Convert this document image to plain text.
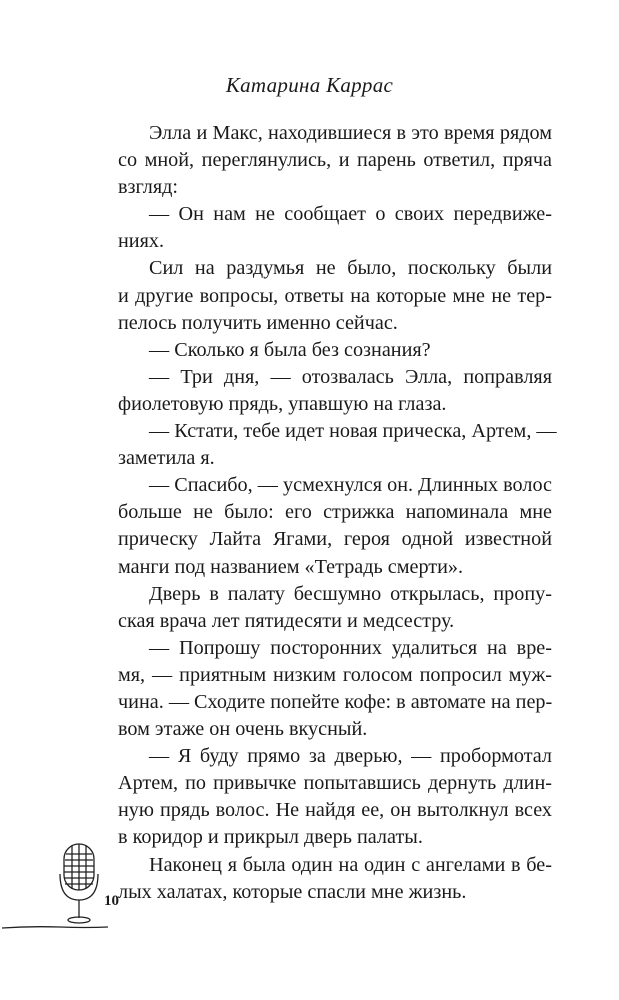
Катарина Каррас
Элла и Макс, находившиеся в это время рядом
со мной, переглянулись, и парень ответил, пряча
взгляд:
— Он нам не сообщает о своих передвиже-
ниях.
Сил на раздумья не было, поскольку были
и другие вопросы, ответы на которые мне не тер-
пелось получить именно сейчас.
— Сколько я была без сознания?
— Три дня, — отозвалась Элла, поправляя
фиолетовую прядь, упавшую на глаза.
— Кстати, тебе идет новая прическа, Артем, —
заметила я.
— Спасибо, — усмехнулся он. Длинных волос
больше не было: его стрижка напоминала мне
прическу Лайта Ягами, героя одной известной
манги под названием «Тетрадь смерти».
Дверь в палату бесшумно открылась, пропу-
ская врача лет пятидесяти и медсестру.
— Попрошу посторонних удалиться на вре-
мя, — приятным низким голосом попросил муж-
чина. — Сходите попейте кофе: в автомате на пер-
вом этаже он очень вкусный.
— Я буду прямо за дверью, — пробормотал
Артем, по привычке попытавшись дернуть длин-
ную прядь волос. Не найдя ее, он вытолкнул всех
в коридор и прикрыл дверь палаты.
Наконец я была один на один с ангелами в бе-
лых халатах, которые спасли мне жизнь.
10
